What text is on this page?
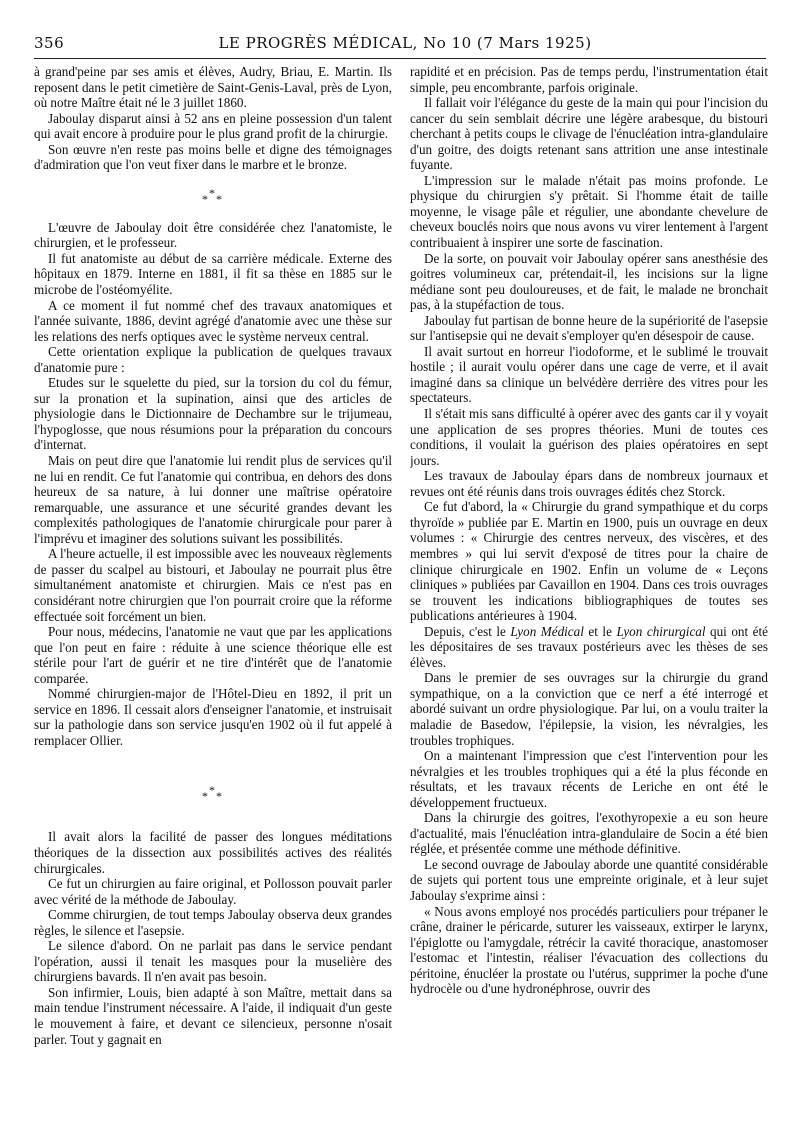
356	LE PROGRÈS MÉDICAL, No 10 (7 Mars 1925)

à grand'peine par ses amis et élèves, Audry, Briau, E. Martin. Ils reposent dans le petit cimetière de Saint-Genis-Laval, près de Lyon, où notre Maître était né le 3 juillet 1860.

Jaboulay disparut ainsi à 52 ans en pleine possession d'un talent qui avait encore à produire pour le plus grand profit de la chirurgie.

Son œuvre n'en reste pas moins belle et digne des témoignages d'admiration que l'on veut fixer dans le marbre et le bronze.

* * *

L'œuvre de Jaboulay doit être considérée chez l'anatomiste, le chirurgien, et le professeur.

Il fut anatomiste au début de sa carrière médicale. Externe des hôpitaux en 1879. Interne en 1881, il fit sa thèse en 1885 sur le microbe de l'ostéomyélite.

A ce moment il fut nommé chef des travaux anatomiques et l'année suivante, 1886, devint agrégé d'anatomie avec une thèse sur les relations des nerfs optiques avec le système nerveux central.

Cette orientation explique la publication de quelques travaux d'anatomie pure :

Etudes sur le squelette du pied, sur la torsion du col du fémur, sur la pronation et la supination, ainsi que des articles de physiologie dans le Dictionnaire de Dechambre sur le trijumeau, l'hypoglosse, que nous résumions pour la préparation du concours d'internat.

Mais on peut dire que l'anatomie lui rendit plus de services qu'il ne lui en rendit. Ce fut l'anatomie qui contribua, en dehors des dons heureux de sa nature, à lui donner une maîtrise opératoire remarquable, une assurance et une sécurité grandes devant les complexités pathologiques de l'anatomie chirurgicale pour parer à l'imprévu et imaginer des solutions suivant les possibilités.

A l'heure actuelle, il est impossible avec les nouveaux règlements de passer du scalpel au bistouri, et Jaboulay ne pourrait plus être simultanément anatomiste et chirurgien. Mais ce n'est pas en considérant notre chirurgien que l'on pourrait croire que la réforme effectuée soit forcément un bien.

Pour nous, médecins, l'anatomie ne vaut que par les applications que l'on peut en faire : réduite à une science théorique elle est stérile pour l'art de guérir et ne tire d'intérêt que de l'anatomie comparée.

Nommé chirurgien-major de l'Hôtel-Dieu en 1892, il prit un service en 1896. Il cessait alors d'enseigner l'anatomie, et instruisait sur la pathologie dans son service jusqu'en 1902 où il fut appelé à remplacer Ollier.

* * *

Il avait alors la facilité de passer des longues méditations théoriques de la dissection aux possibilités actives des réalités chirurgicales.

Ce fut un chirurgien au faire original, et Pollosson pouvait parler avec vérité de la méthode de Jaboulay.

Comme chirurgien, de tout temps Jaboulay observa deux grandes règles, le silence et l'asepsie.

Le silence d'abord. On ne parlait pas dans le service pendant l'opération, aussi il tenait les masques pour la muselière des chirurgiens bavards. Il n'en avait pas besoin.

Son infirmier, Louis, bien adapté à son Maître, mettait dans sa main tendue l'instrument nécessaire. A l'aide, il indiquait d'un geste le mouvement à faire, et devant ce silencieux, personne n'osait parler. Tout y gagnait en

rapidité et en précision. Pas de temps perdu, l'instrumentation était simple, peu encombrante, parfois originale.

Il fallait voir l'élégance du geste de la main qui pour l'incision du cancer du sein semblait décrire une légère arabesque, du bistouri cherchant à petits coups le clivage de l'énucléation intra-glandulaire d'un goitre, des doigts retenant sans attrition une anse intestinale fuyante.

L'impression sur le malade n'était pas moins profonde. Le physique du chirurgien s'y prêtait. Si l'homme était de taille moyenne, le visage pâle et régulier, une abondante chevelure de cheveux bouclés noirs que nous avons vu virer lentement à l'argent contribuaient à inspirer une sorte de fascination.

De la sorte, on pouvait voir Jaboulay opérer sans anesthésie des goitres volumineux car, prétendait-il, les incisions sur la ligne médiane sont peu douloureuses, et de fait, le malade ne bronchait pas, à la stupéfaction de tous.

Jaboulay fut partisan de bonne heure de la supériorité de l'asepsie sur l'antisepsie qui ne devait s'employer qu'en désespoir de cause.

Il avait surtout en horreur l'iodoforme, et le sublimé le trouvait hostile ; il aurait voulu opérer dans une cage de verre, et il avait imaginé dans sa clinique un belvédère derrière des vitres pour les spectateurs.

Il s'était mis sans difficulté à opérer avec des gants car il y voyait une application de ses propres théories. Muni de toutes ces conditions, il voulait la guérison des plaies opératoires en sept jours.

Les travaux de Jaboulay épars dans de nombreux journaux et revues ont été réunis dans trois ouvrages édités chez Storck.

Ce fut d'abord, la « Chirurgie du grand sympathique et du corps thyroïde » publiée par E. Martin en 1900, puis un ouvrage en deux volumes : « Chirurgie des centres nerveux, des viscères, et des membres » qui lui servit d'exposé de titres pour la chaire de clinique chirurgicale en 1902. Enfin un volume de « Leçons cliniques » publiées par Cavaillon en 1904. Dans ces trois ouvrages se trouvent les indications bibliographiques de toutes ses publications antérieures à 1904.

Depuis, c'est le Lyon Médical et le Lyon chirurgical qui ont été les dépositaires de ses travaux postérieurs avec les thèses de ses élèves.

Dans le premier de ses ouvrages sur la chirurgie du grand sympathique, on a la conviction que ce nerf a été interrogé et abordé suivant un ordre physiologique. Par lui, on a voulu traiter la maladie de Basedow, l'épilepsie, la vision, les névralgies, les troubles trophiques.

On a maintenant l'impression que c'est l'intervention pour les névralgies et les troubles trophiques qui a été la plus féconde en résultats, et les travaux récents de Leriche en ont été le développement fructueux.

Dans la chirurgie des goitres, l'exothyropexie a eu son heure d'actualité, mais l'énucléation intra-glandulaire de Socin a été bien réglée, et présentée comme une méthode définitive.

Le second ouvrage de Jaboulay aborde une quantité considérable de sujets qui portent tous une empreinte originale, et à leur sujet Jaboulay s'exprime ainsi :

« Nous avons employé nos procédés particuliers pour trépaner le crâne, drainer le péricarde, suturer les vaisseaux, extirper le larynx, l'épiglotte ou l'amygdale, rétrécir la cavité thoracique, anastomoser l'estomac et l'intestin, réaliser l'évacuation des collections du péritoine, énucléer la prostate ou l'utérus, supprimer la poche d'une hydrocèle ou d'une hydronéphrose, ouvrir des
